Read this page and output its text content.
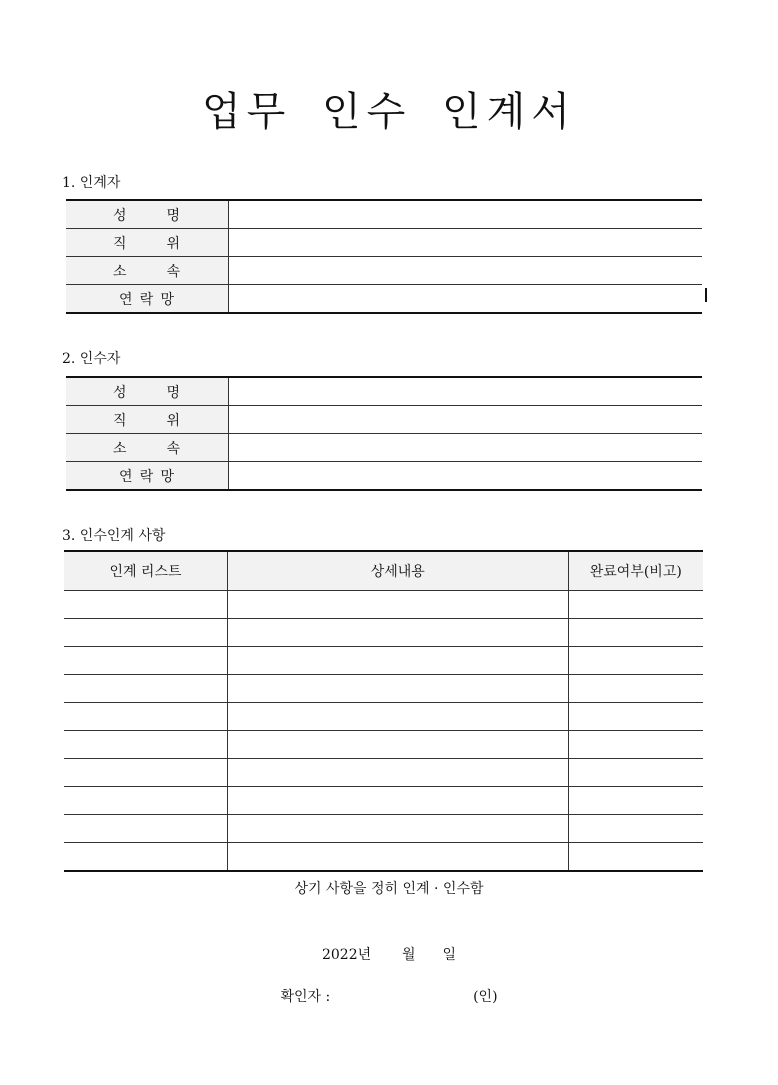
업무 인수 인계서
1. 인계자
성 명	
직 위	
소 속	
연 락 망	
2. 인수자
성 명	
직 위	
소 속	
연 락 망	
3. 인수인계 사항
인계 리스트	상세내용	완료여부(비고)

상기 사항을 정히 인계 · 인수함
2022년 월 일
확인자 :	(인)
